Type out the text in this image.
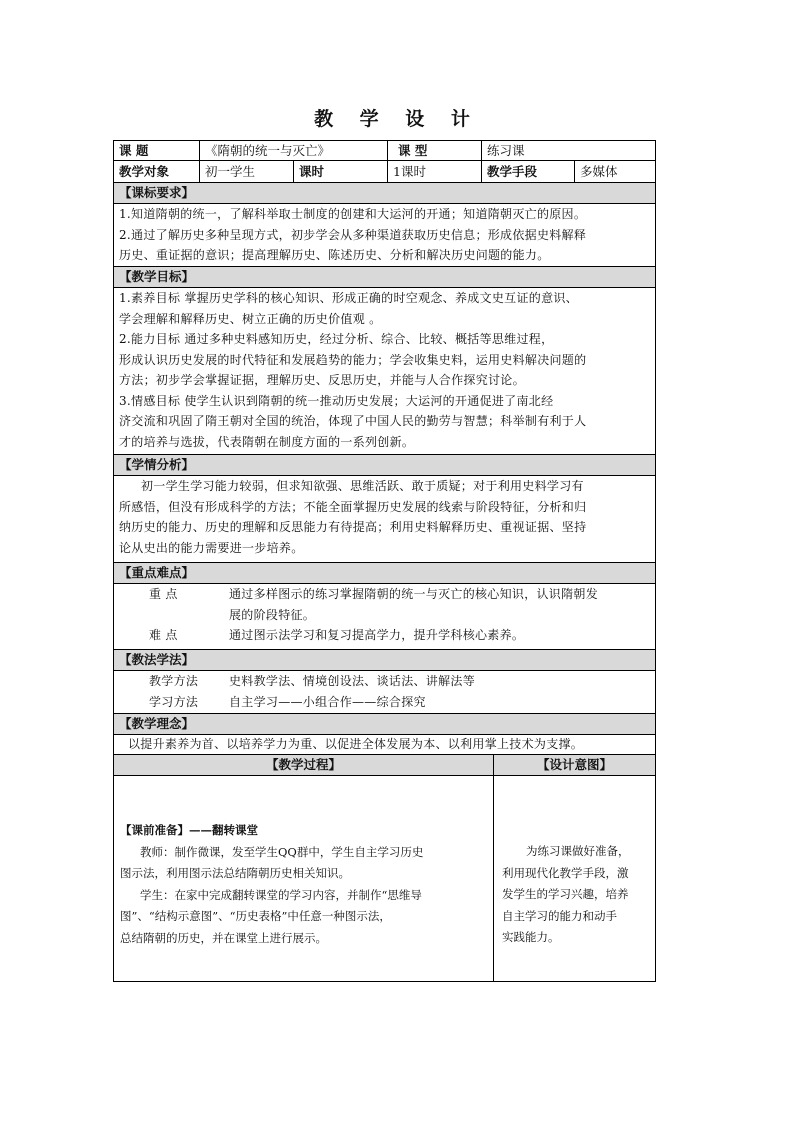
教 学 设 计
课 题	《隋朝的统一与灭亡》	课 型	练习课
教学对象	初一学生	课时	1课时	教学手段	多媒体
【课标要求】
1.知道隋朝的统一，了解科举取士制度的创建和大运河的开通；知道隋朝灭亡的原因。
2.通过了解历史多种呈现方式，初步学会从多种渠道获取历史信息；形成依据史料解释
历史、重证据的意识；提高理解历史、陈述历史、分析和解决历史问题的能力。
【教学目标】
1.素养目标 掌握历史学科的核心知识、形成正确的时空观念、养成文史互证的意识、
学会理解和解释历史、树立正确的历史价值观 。
2.能力目标 通过多种史料感知历史，经过分析、综合、比较、概括等思维过程，
形成认识历史发展的时代特征和发展趋势的能力；学会收集史料，运用史料解决问题的
方法；初步学会掌握证据，理解历史、反思历史，并能与人合作探究讨论。
3.情感目标 使学生认识到隋朝的统一推动历史发展；大运河的开通促进了南北经
济交流和巩固了隋王朝对全国的统治，体现了中国人民的勤劳与智慧；科举制有利于人
才的培养与选拔，代表隋朝在制度方面的一系列创新。
【学情分析】
初一学生学习能力较弱，但求知欲强、思维活跃、敢于质疑；对于利用史料学习有
所感悟，但没有形成科学的方法；不能全面掌握历史发展的线索与阶段特征，分析和归
纳历史的能力、历史的理解和反思能力有待提高；利用史料解释历史、重视证据、坚持
论从史出的能力需要进一步培养。
【重点难点】
重 点	通过多样图示的练习掌握隋朝的统一与灭亡的核心知识，认识隋朝发
展的阶段特征。
难 点	通过图示法学习和复习提高学力，提升学科核心素养。
【教法学法】
教学方法	史料教学法、情境创设法、谈话法、讲解法等
学习方法	自主学习——小组合作——综合探究
【教学理念】
以提升素养为首、以培养学力为重、以促进全体发展为本、以利用掌上技术为支撑。
【教学过程】
【课前准备】——翻转课堂
教师：制作微课，发至学生QQ群中，学生自主学习历史
图示法，利用图示法总结隋朝历史相关知识。
学生：在家中完成翻转课堂的学习内容，并制作“思维导
图”、“结构示意图”、“历史表格”中任意一种图示法，
总结隋朝的历史，并在课堂上进行展示。
【设计意图】
为练习课做好准备，
利用现代化教学手段，激
发学生的学习兴趣，培养
自主学习的能力和动手
实践能力。
